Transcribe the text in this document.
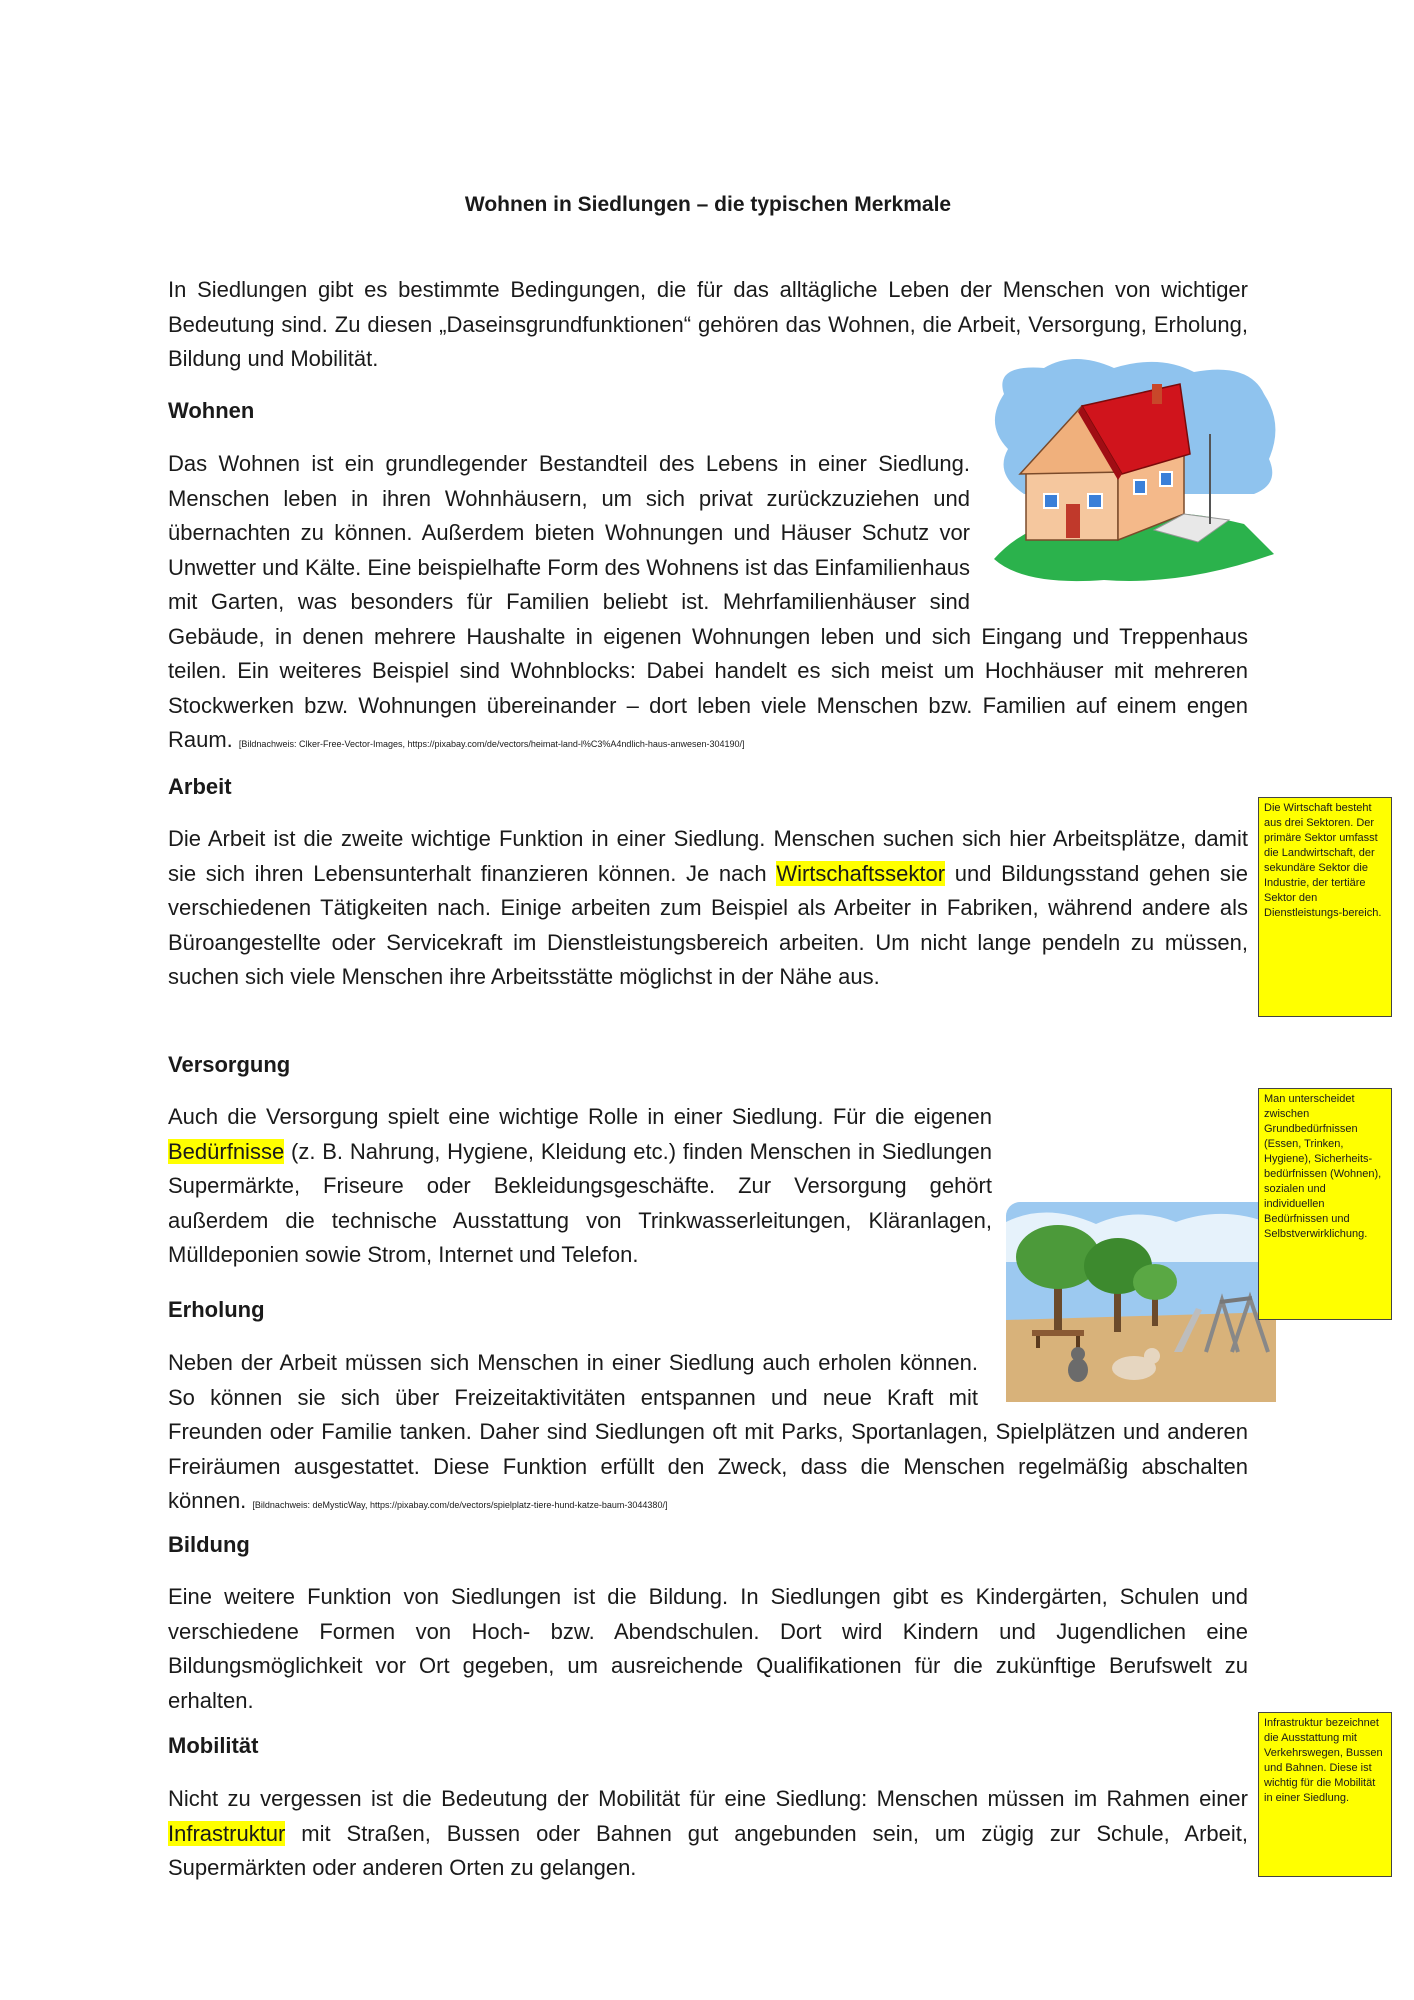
Wohnen in Siedlungen – die typischen Merkmale

In Siedlungen gibt es bestimmte Bedingungen, die für das alltägliche Leben der Menschen von wichtiger Bedeutung sind. Zu diesen „Daseinsgrundfunktionen“ gehören das Wohnen, die Arbeit, Versorgung, Erholung, Bildung und Mobilität.

Wohnen
Das Wohnen ist ein grundlegender Bestandteil des Lebens in einer Siedlung. Menschen leben in ihren Wohnhäusern, um sich privat zurückzuziehen und übernachten zu können. Außerdem bieten Wohnungen und Häuser Schutz vor Unwetter und Kälte. Eine beispielhafte Form des Wohnens ist das Einfamilienhaus mit Garten, was besonders für Familien beliebt ist. Mehrfamilienhäuser sind Gebäude, in denen mehrere Haushalte in eigenen Wohnungen leben und sich Eingang und Treppenhaus teilen. Ein weiteres Beispiel sind Wohnblocks: Dabei handelt es sich meist um Hochhäuser mit mehreren Stockwerken bzw. Wohnungen übereinander – dort leben viele Menschen bzw. Familien auf einem engen Raum. [Bildnachweis: Clker-Free-Vector-Images, https://pixabay.com/de/vectors/heimat-land-l%C3%A4ndlich-haus-anwesen-304190/]
Arbeit

Die Arbeit ist die zweite wichtige Funktion in einer Siedlung. Menschen suchen sich hier Arbeitsplätze, damit sie sich ihren Lebensunterhalt finanzieren können. Je nach Wirtschaftssektor und Bildungsstand gehen sie verschiedenen Tätigkeiten nach. Einige arbeiten zum Beispiel als Arbeiter in Fabriken, während andere als Büroangestellte oder Servicekraft im Dienstleistungsbereich arbeiten. Um nicht lange pendeln zu müssen, suchen sich viele Menschen ihre Arbeitsstätte möglichst in der Nähe aus.

Die Wirtschaft besteht aus drei Sektoren. Der primäre Sektor umfasst die Landwirtschaft, der sekundäre Sektor die Industrie, der tertiäre Sektor den Dienstleistungs-bereich.
Versorgung
Auch die Versorgung spielt eine wichtige Rolle in einer Siedlung. Für die eigenen Bedürfnisse (z. B. Nahrung, Hygiene, Kleidung etc.) finden Menschen in Siedlungen Supermärkte, Friseure oder Bekleidungsgeschäfte. Zur Versorgung gehört außerdem die technische Ausstattung von Trinkwasserleitungen, Kläranlagen, Mülldeponien sowie Strom, Internet und Telefon.
Man unterscheidet zwischen Grundbedürfnissen (Essen, Trinken, Hygiene), Sicherheits-bedürfnissen (Wohnen), sozialen und individuellen Bedürfnissen und Selbstverwirklichung.
Erholung
Neben der Arbeit müssen sich Menschen in einer Siedlung auch erholen können. So können sie sich über Freizeitaktivitäten entspannen und neue Kraft mit Freunden oder Familie tanken. Daher sind Siedlungen oft mit Parks, Sportanlagen, Spielplätzen und anderen Freiräumen ausgestattet. Diese Funktion erfüllt den Zweck, dass die Menschen regelmäßig abschalten können. [Bildnachweis: deMysticWay, https://pixabay.com/de/vectors/spielplatz-tiere-hund-katze-baum-3044380/]
Bildung

Eine weitere Funktion von Siedlungen ist die Bildung. In Siedlungen gibt es Kindergärten, Schulen und verschiedene Formen von Hoch- bzw. Abendschulen. Dort wird Kindern und Jugendlichen eine Bildungsmöglichkeit vor Ort gegeben, um ausreichende Qualifikationen für die zukünftige Berufswelt zu erhalten.

Mobilität

Nicht zu vergessen ist die Bedeutung der Mobilität für eine Siedlung: Menschen müssen im Rahmen einer Infrastruktur mit Straßen, Bussen oder Bahnen gut angebunden sein, um zügig zur Schule, Arbeit, Supermärkten oder anderen Orten zu gelangen.

Infrastruktur bezeichnet die Ausstattung mit Verkehrswegen, Bussen und Bahnen. Diese ist wichtig für die Mobilität in einer Siedlung.
